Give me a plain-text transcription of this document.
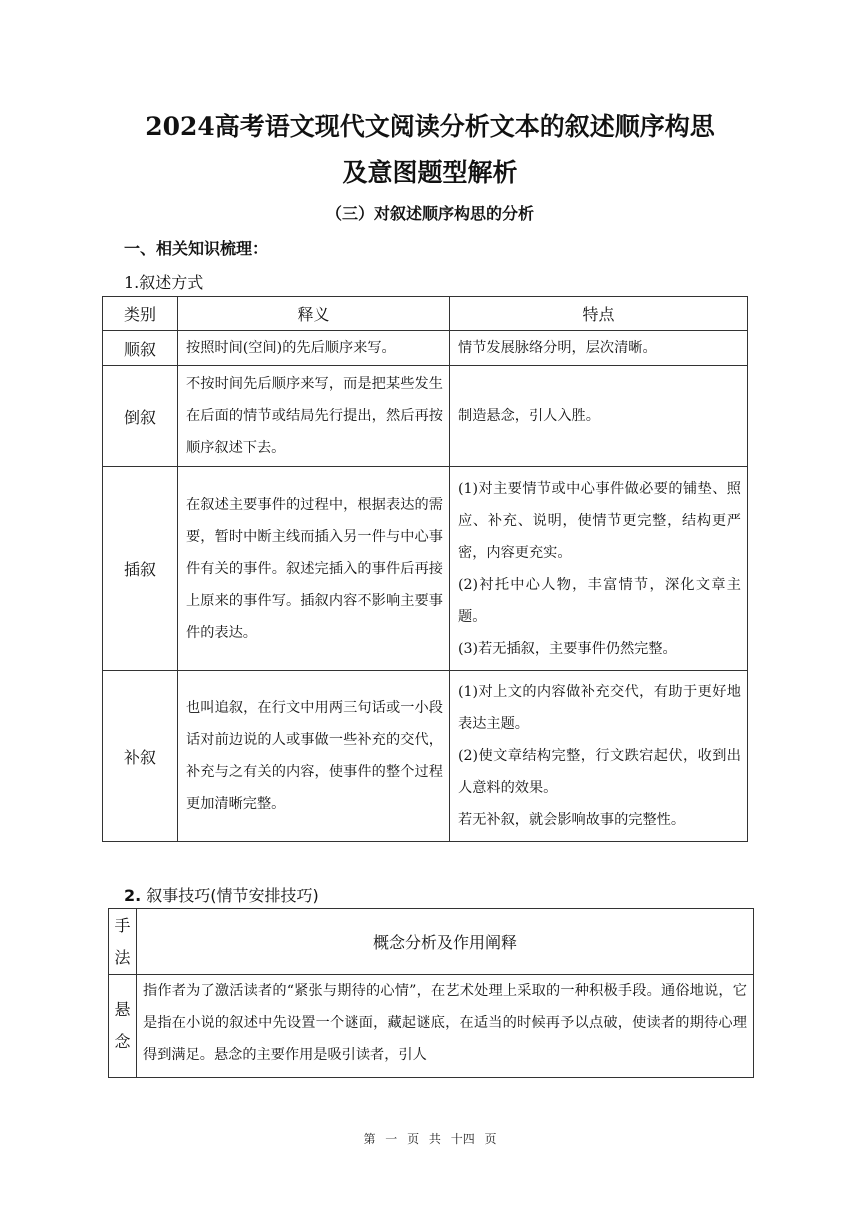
2024高考语文现代文阅读分析文本的叙述顺序构思
及意图题型解析

（三）对叙述顺序构思的分析

一、相关知识梳理：

1.叙述方式

类别	释义	特点
顺叙	按照时间(空间)的先后顺序来写。	情节发展脉络分明，层次清晰。
倒叙	不按时间先后顺序来写，而是把某些发生在后面的情节或结局先行提出，然后再按顺序叙述下去。	制造悬念，引人入胜。
插叙	在叙述主要事件的过程中，根据表达的需要，暂时中断主线而插入另一件与中心事件有关的事件。叙述完插入的事件后再接上原来的事件写。插叙内容不影响主要事件的表达。	(1)对主要情节或中心事件做必要的铺垫、照应、补充、说明，使情节更完整，结构更严密，内容更充实。
(2)衬托中心人物，丰富情节，深化文章主题。
(3)若无插叙，主要事件仍然完整。

补叙	也叫追叙，在行文中用两三句话或一小段话对前边说的人或事做一些补充的交代，补充与之有关的内容，使事件的整个过程更加清晰完整。	(1)对上文的内容做补充交代，有助于更好地表达主题。
(2)使文章结构完整，行文跌宕起伏，收到出人意料的效果。
若无补叙，就会影响故事的完整性。

2. 叙事技巧(情节安排技巧)

手法	概念分析及作用阐释
悬念	指作者为了激活读者的“紧张与期待的心情”，在艺术处理上采取的一种积极手段。通俗地说，它是指在小说的叙述中先设置一个谜面，藏起谜底，在适当的时候再予以点破，使读者的期待心理得到满足。悬念的主要作用是吸引读者，引人
第 一 页 共 十四 页
